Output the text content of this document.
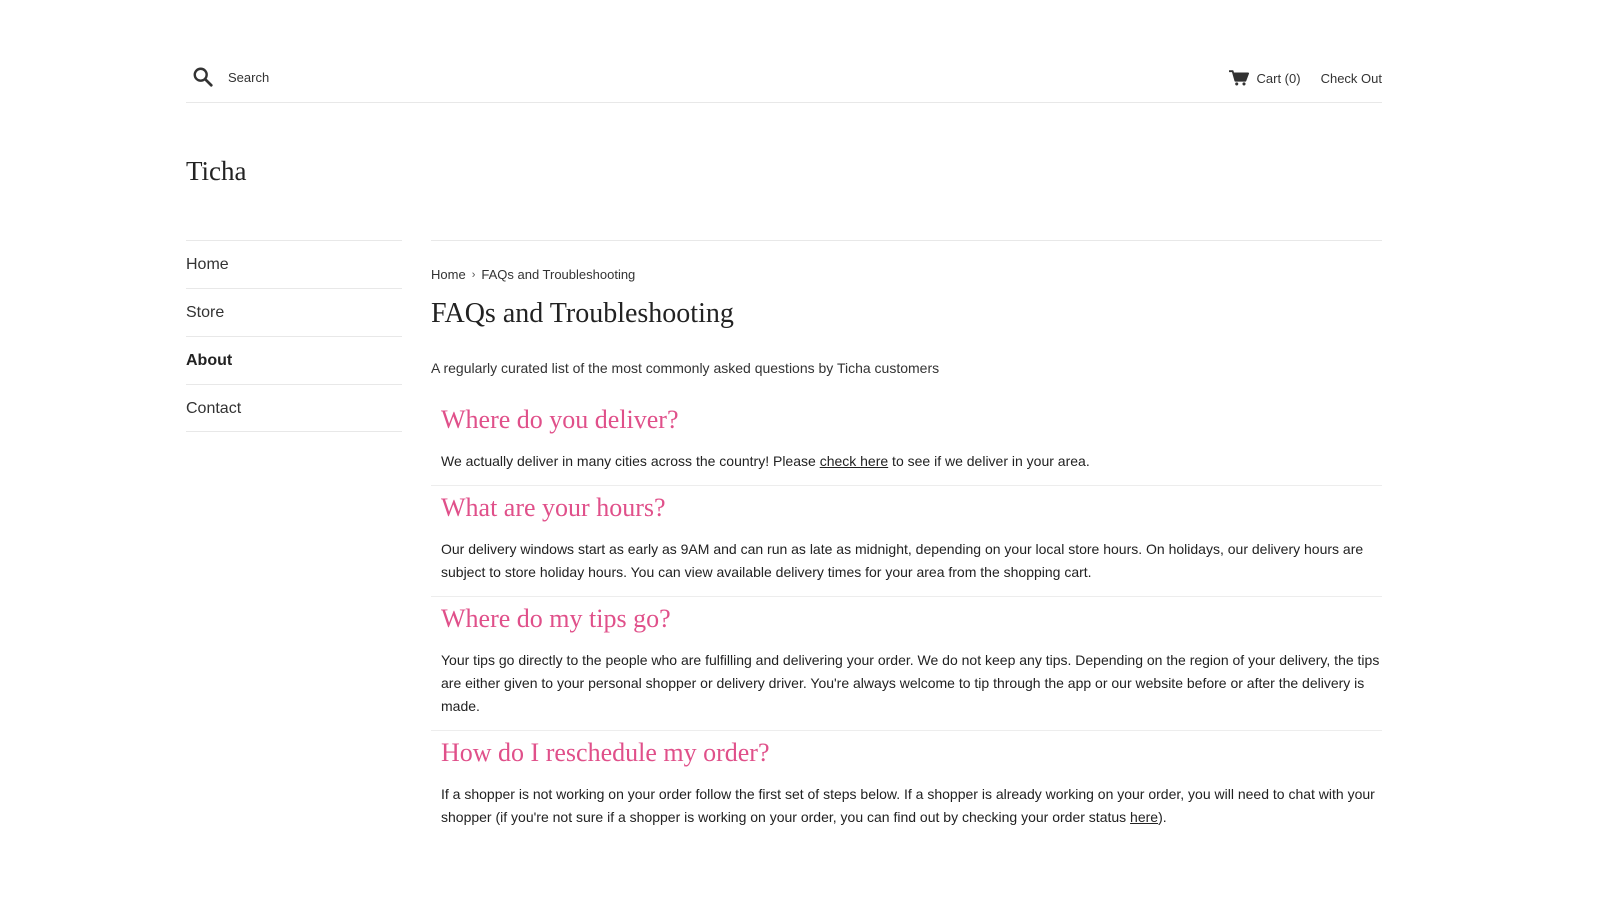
Search
Cart (0) Check Out
Ticha
Home
Store
About
Contact
Home › FAQs and Troubleshooting
FAQs and Troubleshooting

A regularly curated list of the most commonly asked questions by Ticha customers

Where do you deliver?

We actually deliver in many cities across the country! Please check here to see if we deliver in your area.

What are your hours?

Our delivery windows start as early as 9AM and can run as late as midnight, depending on your local store hours. On holidays, our delivery hours are subject to store holiday hours. You can view available delivery times for your area from the shopping cart.

Where do my tips go?

Your tips go directly to the people who are fulfilling and delivering your order. We do not keep any tips. Depending on the region of your delivery, the tips are either given to your personal shopper or delivery driver. You're always welcome to tip through the app or our website before or after the delivery is made.

How do I reschedule my order?

If a shopper is not working on your order follow the first set of steps below. If a shopper is already working on your order, you will need to chat with your shopper (if you're not sure if a shopper is working on your order, you can find out by checking your order status here).
